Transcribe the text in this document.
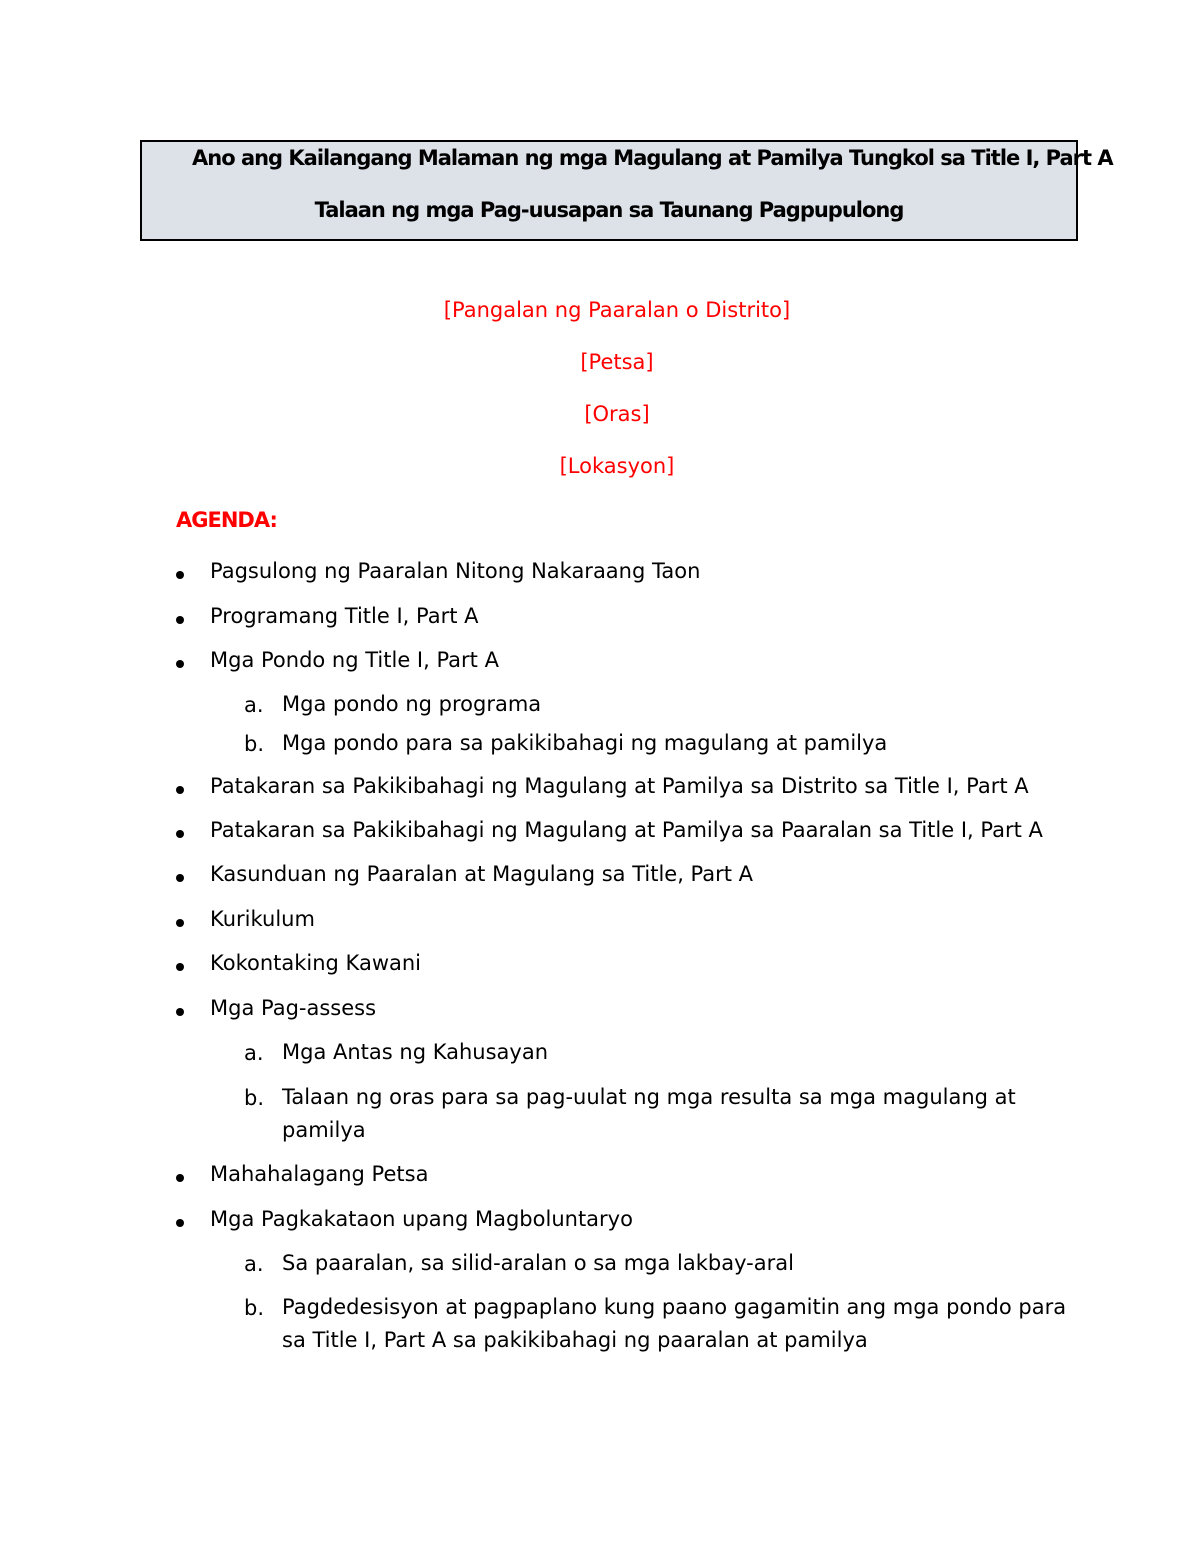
Ano ang Kailangang Malaman ng mga Magulang at Pamilya Tungkol sa Title I, Part A
Talaan ng mga Pag-uusapan sa Taunang Pagpupulong
[Pangalan ng Paaralan o Distrito]
[Petsa]
[Oras]
[Lokasyon]
AGENDA:
Pagsulong ng Paaralan Nitong Nakaraang Taon
Programang Title I, Part A
Mga Pondo ng Title I, Part A
a. Mga pondo ng programa
b. Mga pondo para sa pakikibahagi ng magulang at pamilya
Patakaran sa Pakikibahagi ng Magulang at Pamilya sa Distrito sa Title I, Part A
Patakaran sa Pakikibahagi ng Magulang at Pamilya sa Paaralan sa Title I, Part A
Kasunduan ng Paaralan at Magulang sa Title, Part A
Kurikulum
Kokontaking Kawani
Mga Pag-assess
a. Mga Antas ng Kahusayan
b. Talaan ng oras para sa pag-uulat ng mga resulta sa mga magulang at pamilya
Mahahalagang Petsa
Mga Pagkakataon upang Magboluntaryo
a. Sa paaralan, sa silid-aralan o sa mga lakbay-aral
b. Pagdedesisyon at pagpaplano kung paano gagamitin ang mga pondo para sa Title I, Part A sa pakikibahagi ng paaralan at pamilya
